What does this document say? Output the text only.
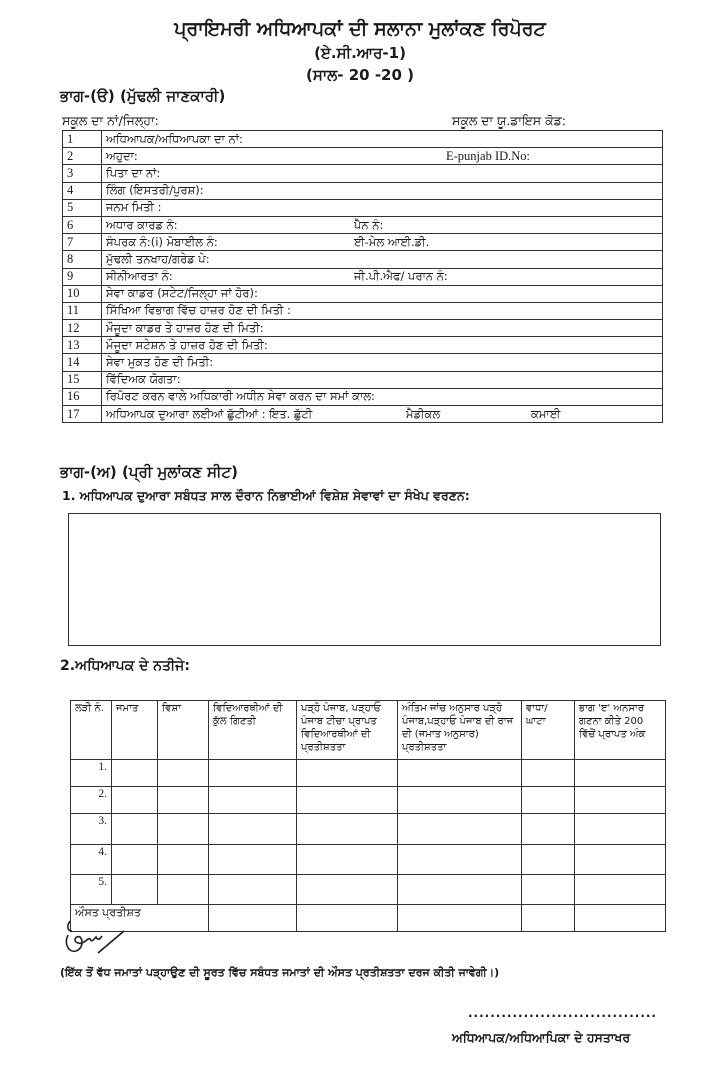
ਪ੍ਰਾਇਮਰੀ ਅਧਿਆਪਕਾਂ ਦੀ ਸਲਾਨਾ ਮੁਲਾਂਕਣ ਰਿਪੋਰਟ
(ਏ.ਸੀ.ਆਰ-1)
(ਸਾਲ- 20 -20 )
ਭਾਗ-(ੳ) (ਮੁੱਢਲੀ ਜਾਣਕਾਰੀ)
ਸਕੂਲ ਦਾ ਨਾਂ/ਜਿਲ੍ਹਾ:	ਸਕੂਲ ਦਾ ਯੂ.ਡਾਇਸ ਕੋਡ:
1	ਅਧਿਆਪਕ/ਅਧਿਆਪਕਾ ਦਾ ਨਾਂ:
2	ਅਹੁਦਾ: E-punjab ID.No:
3	ਪਿਤਾ ਦਾ ਨਾਂ:
4	ਲਿੰਗ (ਇਸਤਰੀ/ਪੁਰਸ਼):
5	ਜਨਮ ਮਿਤੀ :
6	ਅਧਾਰ ਕਾਰਡ ਨੰ: ਪੈਨ ਨੰ:
7	ਸੰਪਰਕ ਨੰ:(i) ਮੋਬਾਈਲ ਨੰ: ਈ-ਮੇਲ ਆਈ.ਡੀ.
8	ਮੁੱਢਲੀ ਤਨਖਾਹ/ਗਰੇਡ ਪੇ:
9	ਸੀਨੀਆਰਤਾ ਨੰ: ਜੀ.ਪੀ.ਐਫ/ ਪਰਾਨ ਨੰ:
10	ਸੇਵਾ ਕਾਡਰ (ਸਟੇਟ/ਜਿਲ੍ਹਾ ਜਾਂ ਹੋਰ):
11	ਸਿੱਖਿਆ ਵਿਭਾਗ ਵਿੱਚ ਹਾਜ਼ਰ ਹੋਣ ਦੀ ਮਿਤੀ :
12	ਮੌਜੂਦਾ ਕਾਡਰ ਤੇ ਹਾਜ਼ਰ ਹੋਣ ਦੀ ਮਿਤੀ:
13	ਮੌਜੂਦਾ ਸਟੇਸ਼ਨ ਤੇ ਹਾਜ਼ਰ ਹੋਣ ਦੀ ਮਿਤੀ:
14	ਸੇਵਾ ਮੁਕਤ ਹੋਣ ਦੀ ਮਿਤੀ:
15	ਵਿੱਦਿਅਕ ਯੋਗਤਾ:
16	ਰਿਪੋਰਟ ਕਰਨ ਵਾਲੇ ਅਧਿਕਾਰੀ ਅਧੀਨ ਸੇਵਾ ਕਰਨ ਦਾ ਸਮਾਂ ਕਾਲ:
17	ਅਧਿਆਪਕ ਦੁਆਰਾ ਲਈਆਂ ਛੁੱਟੀਆਂ : ਇਤ. ਛੁੱਟੀ ਮੈਡੀਕਲ ਕਮਾਈ
ਭਾਗ-(ਅ) (ਪ੍ਰੀ ਮੁਲਾਂਕਣ ਸੀਟ)
1. ਅਧਿਆਪਕ ਦੁਆਰਾ ਸਬੰਧਤ ਸਾਲ ਦੌਰਾਨ ਨਿਭਾਈਆਂ ਵਿਸ਼ੇਸ਼ ਸੇਵਾਵਾਂ ਦਾ ਸੰਖੇਪ ਵਰਣਨ:
2.ਅਧਿਆਪਕ ਦੇ ਨਤੀਜੇ:
ਲੜੀ ਨੰ.	ਜਮਾਤ	ਵਿਸ਼ਾ	ਵਿਦਿਆਰਥੀਆਂ ਦੀ ਕੁੱਲ ਗਿਣਤੀ	ਪੜ੍ਹੋ ਪੰਜਾਬ, ਪੜ੍ਹਾਓ ਪੰਜਾਬ ਟੀਚਾ ਪ੍ਰਾਪਤ ਵਿਦਿਆਰਥੀਆਂ ਦੀ ਪ੍ਰਤੀਸ਼ਤਤਾ	ਅੰਤਿਮ ਜਾਂਚ ਅਨੁਸਾਰ ਪੜ੍ਹੋ ਪੰਜਾਬ,ਪੜ੍ਹਾਓ ਪੰਜਾਬ ਦੀ ਰਾਜ ਦੀ (ਜਮਾਤ ਅਨੁਸਾਰ) ਪ੍ਰਤੀਸ਼ਤਤਾ	ਵਾਧਾ/ ਘਾਟਾ	ਭਾਗ 'ੲ' ਅਨਸਾਰ ਗਣਨਾ ਕੀਤੇ 200 ਵਿੱਚੋਂ ਪ੍ਰਾਪਤ ਅੰਕ
1.							
2.							
3.							
4.							
5.							
ਔਸਤ ਪ੍ਰਤੀਸ਼ਤ							
(ਇੱਕ ਤੋਂ ਵੱਧ ਜਮਾਤਾਂ ਪੜ੍ਹਾਉਣ ਦੀ ਸੂਰਤ ਵਿੱਚ ਸਬੰਧਤ ਜਮਾਤਾਂ ਦੀ ਔਸਤ ਪ੍ਰਤੀਸ਼ਤਤਾ ਦਰਜ ਕੀਤੀ ਜਾਵੇਗੀ।)
..................................
ਅਧਿਆਪਕ/ਅਧਿਆਪਿਕਾ ਦੇ ਹਸਤਾਖਰ
